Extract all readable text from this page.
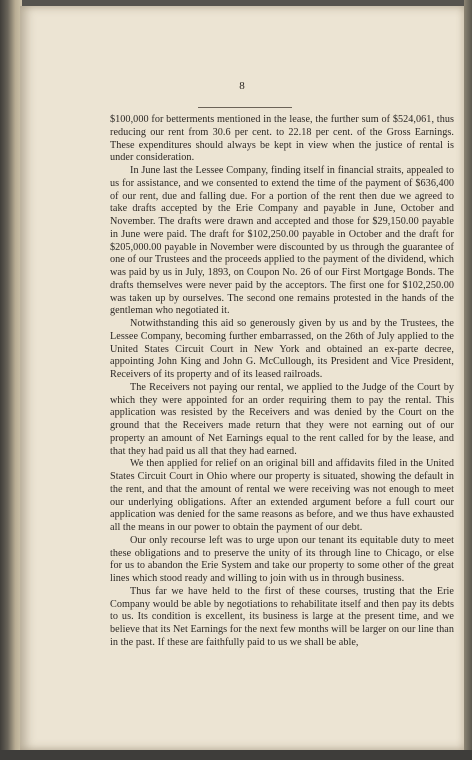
8

$100,000 for betterments mentioned in the lease, the further sum of $524,061, thus reducing our rent from 30.6 per cent. to 22.18 per cent. of the Gross Earnings. These expenditures should always be kept in view when the justice of rental is under consideration.

In June last the Lessee Company, finding itself in financial straits, appealed to us for assistance, and we consented to extend the time of the payment of $636,400 of our rent, due and falling due. For a portion of the rent then due we agreed to take drafts accepted by the Erie Company and payable in June, October and November. The drafts were drawn and accepted and those for $29,150.00 payable in June were paid. The draft for $102,250.00 payable in October and the draft for $205,000.00 payable in November were discounted by us through the guarantee of one of our Trustees and the proceeds applied to the payment of the dividend, which was paid by us in July, 1893, on Coupon No. 26 of our First Mortgage Bonds. The drafts themselves were never paid by the acceptors. The first one for $102,250.00 was taken up by ourselves. The second one remains protested in the hands of the gentleman who negotiated it.

Notwithstanding this aid so generously given by us and by the Trustees, the Lessee Company, becoming further embarrassed, on the 26th of July applied to the United States Circuit Court in New York and obtained an ex-parte decree, appointing John King and John G. McCullough, its President and Vice President, Receivers of its property and of its leased railroads.

The Receivers not paying our rental, we applied to the Judge of the Court by which they were appointed for an order requiring them to pay the rental. This application was resisted by the Receivers and was denied by the Court on the ground that the Receivers made return that they were not earning out of our property an amount of Net Earnings equal to the rent called for by the lease, and that they had paid us all that they had earned.

We then applied for relief on an original bill and affidavits filed in the United States Circuit Court in Ohio where our property is situated, showing the default in the rent, and that the amount of rental we were receiving was not enough to meet our underlying obligations. After an extended argument before a full court our application was denied for the same reasons as before, and we thus have exhausted all the means in our power to obtain the payment of our debt.

Our only recourse left was to urge upon our tenant its equitable duty to meet these obligations and to preserve the unity of its through line to Chicago, or else for us to abandon the Erie System and take our property to some other of the great lines which stood ready and willing to join with us in through business.

Thus far we have held to the first of these courses, trusting that the Erie Company would be able by negotiations to rehabilitate itself and then pay its debts to us. Its condition is excellent, its business is large at the present time, and we believe that its Net Earnings for the next few months will be larger on our line than in the past. If these are faithfully paid to us we shall be able,
